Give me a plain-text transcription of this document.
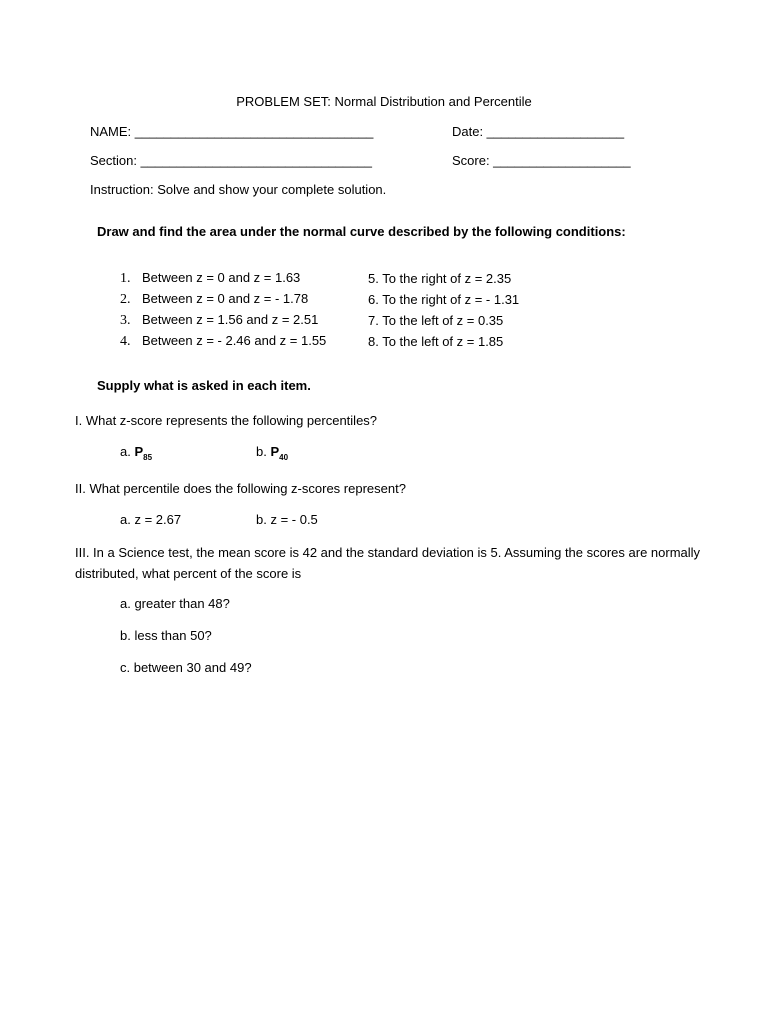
PROBLEM SET: Normal Distribution and Percentile
NAME: _________________________________	Date: ___________________
Section: ________________________________	Score: ___________________
Instruction: Solve and show your complete solution.
Draw and find the area under the normal curve described by the following conditions:
1. Between z = 0 and z = 1.63
2. Between z = 0 and z = - 1.78
3. Between z = 1.56 and z = 2.51
4. Between z = - 2.46 and z = 1.55
5. To the right of z = 2.35
6. To the right of z = - 1.31
7. To the left of z = 0.35
8. To the left of z = 1.85
Supply what is asked in each item.
I. What z-score represents the following percentiles?
a. $P_{85}$	b. $P_{40}$
II. What percentile does the following z-scores represent?
a. z = 2.67	b. z = - 0.5
III. In a Science test, the mean score is 42 and the standard deviation is 5. Assuming the scores are normally distributed, what percent of the score is
a. greater than 48?
b. less than 50?
c. between 30 and 49?
